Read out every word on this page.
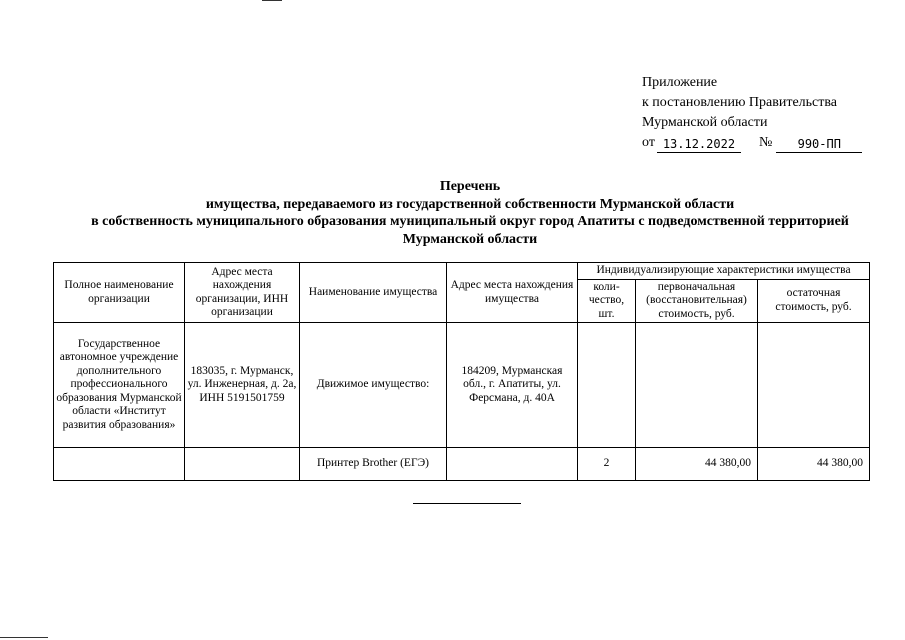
Приложение
к постановлению Правительства
Мурманской области
от 13.12.2022	№	990-ПП
Перечень
имущества, передаваемого из государственной собственности Мурманской области
в собственность муниципального образования муниципальный округ город Апатиты с подведомственной территорией
Мурманской области
Полное наименование организации	Адрес места нахождения организации, ИНН организации	Наименование имущества	Адрес места нахождения имущества	Индивидуализирующие характеристики имущества		
				коли-чество, шт.	первоначальная (восстановительная) стоимость, руб.	остаточная стоимость, руб.
Государственное автономное учреждение дополнительного профессионального образования Мурманской области «Институт развития образования»	183035, г. Мурманск, ул. Инженерная, д. 2а, ИНН 5191501759	Движимое имущество:	184209, Мурманская обл., г. Апатиты, ул. Ферсмана, д. 40А			
		Принтер Brother (ЕГЭ)		2	44 380,00	44 380,00
